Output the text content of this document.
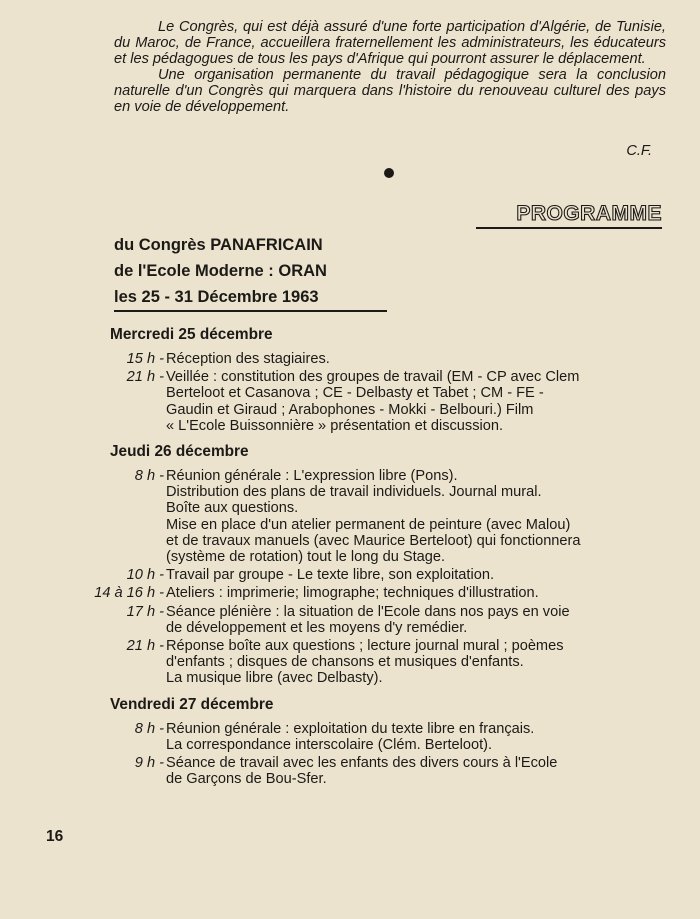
Le Congrès, qui est déjà assuré d'une forte participation d'Algérie, de Tunisie, du Maroc, de France, accueillera fraternellement les administrateurs, les éducateurs et les pédagogues de tous les pays d'Afrique qui pourront assurer le déplacement.

Une organisation permanente du travail pédagogique sera la conclusion naturelle d'un Congrès qui marquera dans l'histoire du renouveau culturel des pays en voie de développement.

C.F.
PROGRAMME
du Congrès PANAFRICAIN
de l'Ecole Moderne : ORAN
les 25 - 31 Décembre 1963
Mercredi 25 décembre
15 h - Réception des stagiaires.
21 h - Veillée : constitution des groupes de travail (EM - CP avec Clem
Berteloot et Casanova ; CE - Delbasty et Tabet ; CM - FE -
Gaudin et Giraud ; Arabophones - Mokki - Belbouri.) Film
« L'Ecole Buissonnière » présentation et discussion.
Jeudi 26 décembre
8 h - Réunion générale : L'expression libre (Pons).
Distribution des plans de travail individuels. Journal mural.
Boîte aux questions.
Mise en place d'un atelier permanent de peinture (avec Malou)
et de travaux manuels (avec Maurice Berteloot) qui fonctionnera
(système de rotation) tout le long du Stage.
10 h - Travail par groupe - Le texte libre, son exploitation.
14 à 16 h - Ateliers : imprimerie; limographe; techniques d'illustration.
17 h - Séance plénière : la situation de l'Ecole dans nos pays en voie
de développement et les moyens d'y remédier.
21 h - Réponse boîte aux questions ; lecture journal mural ; poèmes
d'enfants ; disques de chansons et musiques d'enfants.
La musique libre (avec Delbasty).
Vendredi 27 décembre
8 h - Réunion générale : exploitation du texte libre en français.
La correspondance interscolaire (Clém. Berteloot).
9 h - Séance de travail avec les enfants des divers cours à l'Ecole
de Garçons de Bou-Sfer.
16
